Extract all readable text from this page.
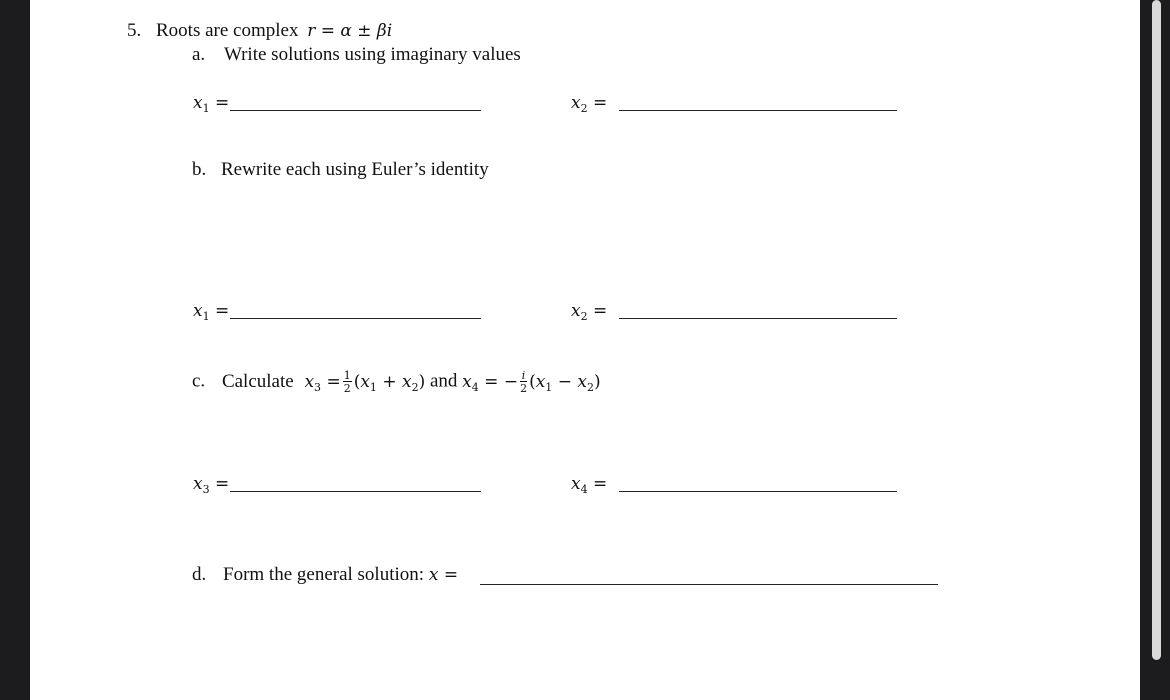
5. Roots are complex r = α ± βi
a. Write solutions using imaginary values
$x_1$ =	$x_2$ =
b. Rewrite each using Euler’s identity
$x_1$ =	$x_2$ =
c. Calculate $x_3 = \frac{1}{2} (x_1 + x_2)$ and $x_4$ = − $\frac{i}{2} (x_1 - x_2)$
$x_3$ =	$x_4$ =
d. Form the general solution: x =
